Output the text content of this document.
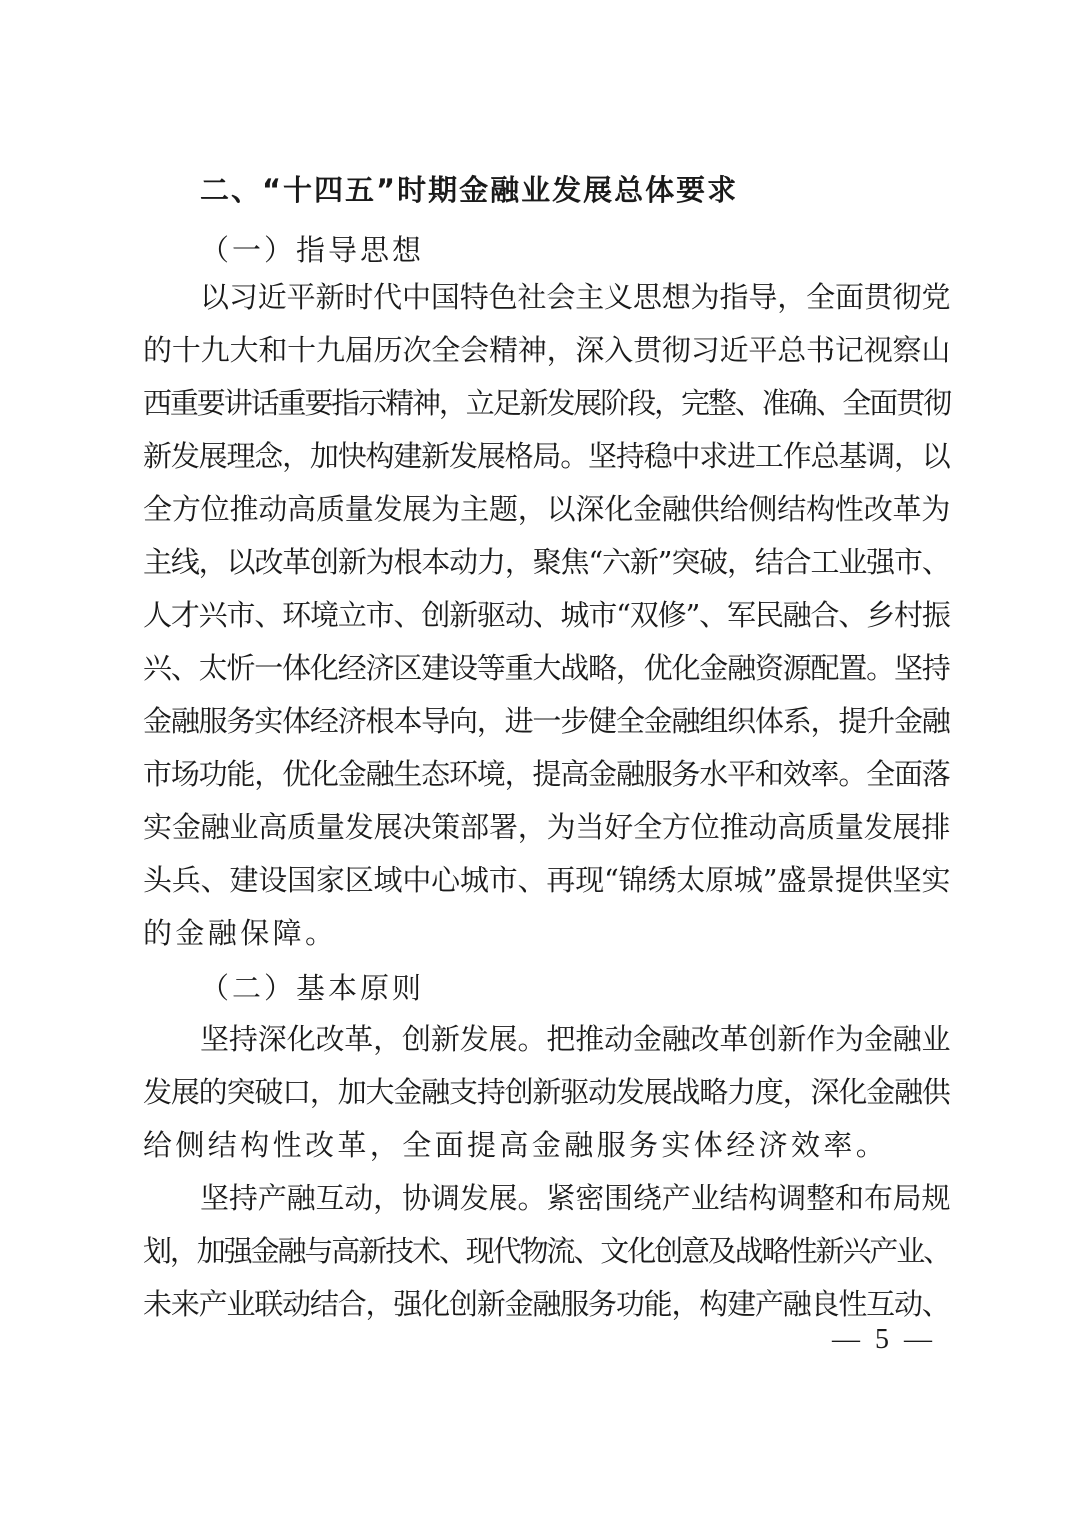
二、“十四五”时期金融业发展总体要求
（一）指导思想
以习近平新时代中国特色社会主义思想为指导，全面贯彻党
的十九大和十九届历次全会精神，深入贯彻习近平总书记视察山
西重要讲话重要指示精神，立足新发展阶段，完整、准确、全面贯彻
新发展理念，加快构建新发展格局。坚持稳中求进工作总基调，以
全方位推动高质量发展为主题，以深化金融供给侧结构性改革为
主线，以改革创新为根本动力，聚焦“六新”突破，结合工业强市、
人才兴市、环境立市、创新驱动、城市“双修”、军民融合、乡村振
兴、太忻一体化经济区建设等重大战略，优化金融资源配置。坚持
金融服务实体经济根本导向，进一步健全金融组织体系，提升金融
市场功能，优化金融生态环境，提高金融服务水平和效率。全面落
实金融业高质量发展决策部署，为当好全方位推动高质量发展排
头兵、建设国家区域中心城市、再现“锦绣太原城”盛景提供坚实
的金融保障。
（二）基本原则
坚持深化改革，创新发展。把推动金融改革创新作为金融业
发展的突破口，加大金融支持创新驱动发展战略力度，深化金融供
给侧结构性改革，全面提高金融服务实体经济效率。
坚持产融互动，协调发展。紧密围绕产业结构调整和布局规
划，加强金融与高新技术、现代物流、文化创意及战略性新兴产业、
未来产业联动结合，强化创新金融服务功能，构建产融良性互动、
— 5 —
